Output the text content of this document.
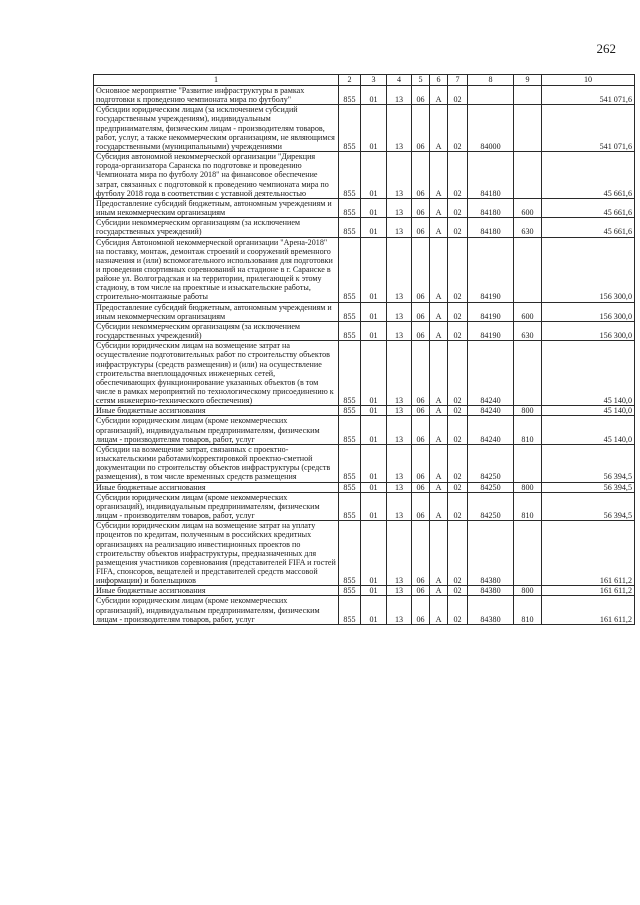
262
1	2	3	4	5	6	7	8	9	10
Основное мероприятие "Развитие инфраструктуры в рамках подготовки к проведению чемпионата мира по футболу"	855	01	13	06	А	02			541 071,6
Субсидии юридическим лицам (за исключением субсидий государственным учреждениям), индивидуальным предпринимателям, физическим лицам - производителям товаров, работ, услуг, а также некоммерческим организациям, не являющимся государственными (муниципальными) учреждениями	855	01	13	06	А	02	84000		541 071,6
Субсидия автономной некоммерческой организации "Дирекция города-организатора Саранска по подготовке и проведению Чемпионата мира по футболу 2018" на финансовое обеспечение затрат, связанных с подготовкой к проведению чемпионата мира по футболу 2018 года в соответствии с уставной деятельностью	855	01	13	06	А	02	84180		45 661,6
Предоставление субсидий бюджетным, автономным учреждениям и иным некоммерческим организациям	855	01	13	06	А	02	84180	600	45 661,6
Субсидии некоммерческим организациям (за исключением государственных учреждений)	855	01	13	06	А	02	84180	630	45 661,6
Субсидия Автономной некоммерческой организации "Арена-2018" на поставку, монтаж, демонтаж строений и сооружений временного назначения и (или) вспомогательного использования для подготовки и проведения спортивных соревнований на стадионе в г. Саранске в районе ул. Волгоградская и на территории, прилегающей к этому стадиону, в том числе на проектные и изыскательские работы, строительно-монтажные работы	855	01	13	06	А	02	84190		156 300,0
Предоставление субсидий бюджетным, автономным учреждениям и иным некоммерческим организациям	855	01	13	06	А	02	84190	600	156 300,0
Субсидии некоммерческим организациям (за исключением государственных учреждений)	855	01	13	06	А	02	84190	630	156 300,0
Субсидии юридическим лицам на возмещение затрат на осуществление подготовительных работ по строительству объектов инфраструктуры (средств размещения) и (или) на осуществление строительства внеплощадочных инженерных сетей, обеспечивающих функционирование указанных объектов (в том числе в рамках мероприятий по технологическому присоединению к сетям инженерно-технического обеспечения)	855	01	13	06	А	02	84240		45 140,0
Иные бюджетные ассигнования	855	01	13	06	А	02	84240	800	45 140,0
Субсидии юридическим лицам (кроме некоммерческих организаций), индивидуальным предпринимателям, физическим лицам - производителям товаров, работ, услуг	855	01	13	06	А	02	84240	810	45 140,0
Субсидии на возмещение затрат, связанных с проектно-изыскательскими работами/корректировкой проектно-сметной документации по строительству объектов инфраструктуры (средств размещения), в том числе временных средств размещения	855	01	13	06	А	02	84250		56 394,5
Иные бюджетные ассигнования	855	01	13	06	А	02	84250	800	56 394,5
Субсидии юридическим лицам (кроме некоммерческих организаций), индивидуальным предпринимателям, физическим лицам - производителям товаров, работ, услуг	855	01	13	06	А	02	84250	810	56 394,5
Субсидии юридическим лицам на возмещение затрат на уплату процентов по кредитам, полученным в российских кредитных организациях на реализацию инвестиционных проектов по строительству объектов инфраструктуры, предназначенных для размещения участников соревнования (представителей FIFA и гостей FIFA, спонсоров, вещателей и представителей средств массовой информации) и болельщиков	855	01	13	06	А	02	84380		161 611,2
Иные бюджетные ассигнования	855	01	13	06	А	02	84380	800	161 611,2
Субсидии юридическим лицам (кроме некоммерческих организаций), индивидуальным предпринимателям, физическим лицам - производителям товаров, работ, услуг	855	01	13	06	А	02	84380	810	161 611,2
